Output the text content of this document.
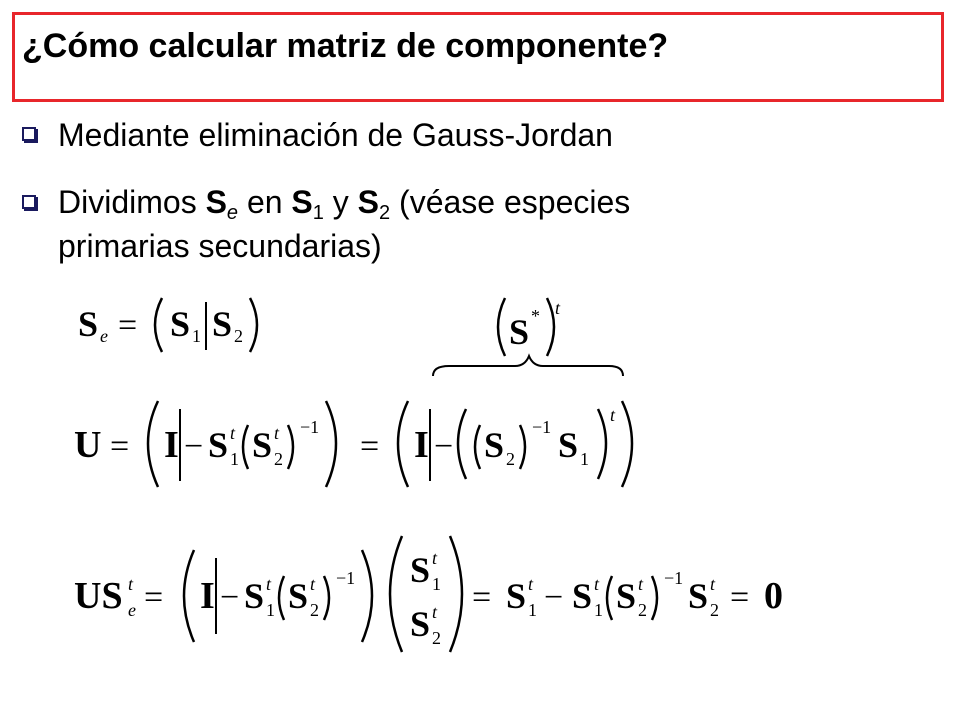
¿Cómo calcular matriz de componente?
Mediante eliminación de Gauss-Jordan
Dividimos $S_e$ en $S_1$ y $S_2$ (véase especies
primarias secundarias)
S e = S 1 S 2	S * t
U = I − S t
1 S t
2
−1
= I − S 2
−1 S 1
t
US t
e = I − S t
1 S t
2
−1 S t
1
S t
2
= S t
1 − S t
1 S t
2
−1 S t
2 = 0
